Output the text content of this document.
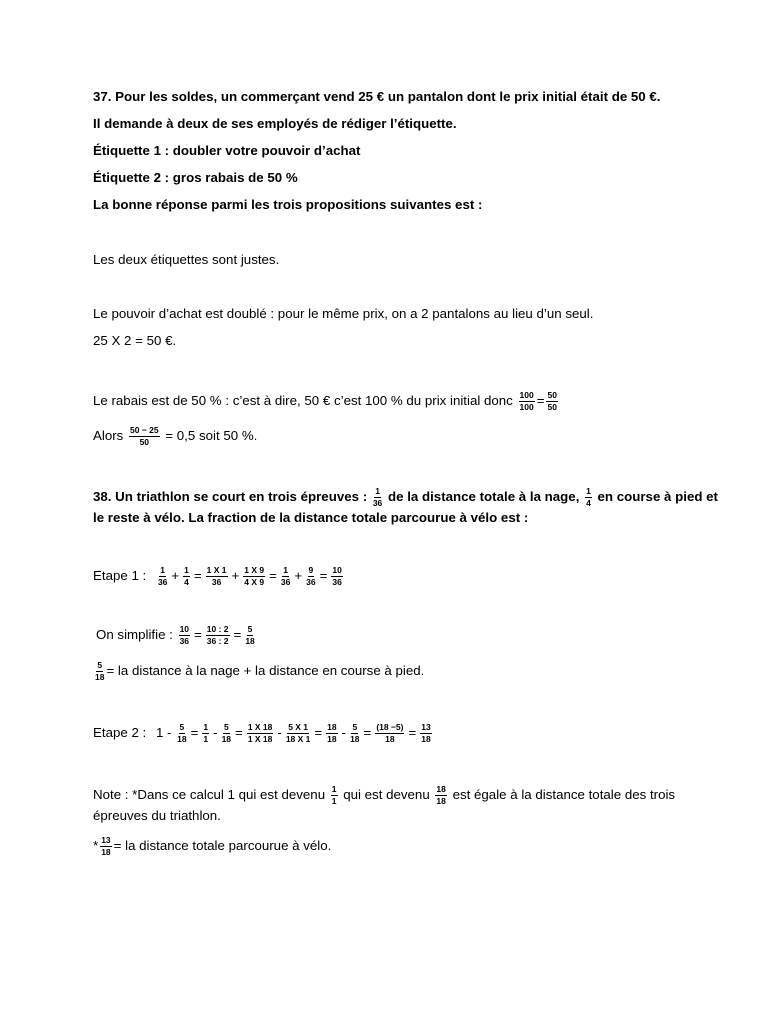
37. Pour les soldes, un commerçant vend 25 € un pantalon dont le prix initial était de 50 €.
Il demande à deux de ses employés de rédiger l’étiquette.
Étiquette 1 : doubler votre pouvoir d’achat
Étiquette 2 : gros rabais de 50 %
La bonne réponse parmi les trois propositions suivantes est :
Les deux étiquettes sont justes.
Le pouvoir d’achat est doublé : pour le même prix, on a 2 pantalons au lieu d’un seul.
25 X 2 = 50 €.
Le rabais est de 50 % : c’est à dire, 50 € c’est 100 % du prix initial donc $\frac{100}{100} = \frac{50}{50}$
Alors $\frac{50 - 25}{50} = 0,5$ soit 50 %.
38. Un triathlon se court en trois épreuves : $\frac{1}{36}$ de la distance totale à la nage, $\frac{1}{4}$ en course à pied et
le reste à vélo. La fraction de la distance totale parcourue à vélo est :
Etape 1 : $\frac{1}{36} + \frac{1}{4} = \frac{1 X 1}{36} + \frac{1 X 9}{4 X 9} = \frac{1}{36} + \frac{9}{36} = \frac{10}{36}$
On simplifie : $\frac{10}{36} = \frac{10 : 2}{36 : 2} = \frac{5}{18}$
$\frac{5}{18}$ = la distance à la nage + la distance en course à pied.
Etape 2 : $1 - \frac{5}{18} = \frac{1}{1} - \frac{5}{18} = \frac{1 X 18}{1 X 18} - \frac{5 X 1}{18 X 1} = \frac{18}{18} - \frac{5}{18} = \frac{(18 -5)}{18} = \frac{13}{18}$
Note : *Dans ce calcul 1 qui est devenu $\frac{1}{1}$ qui est devenu $\frac{18}{18}$ est égale à la distance totale des trois
épreuves du triathlon.
* $\frac{13}{18}$ = la distance totale parcourue à vélo.
